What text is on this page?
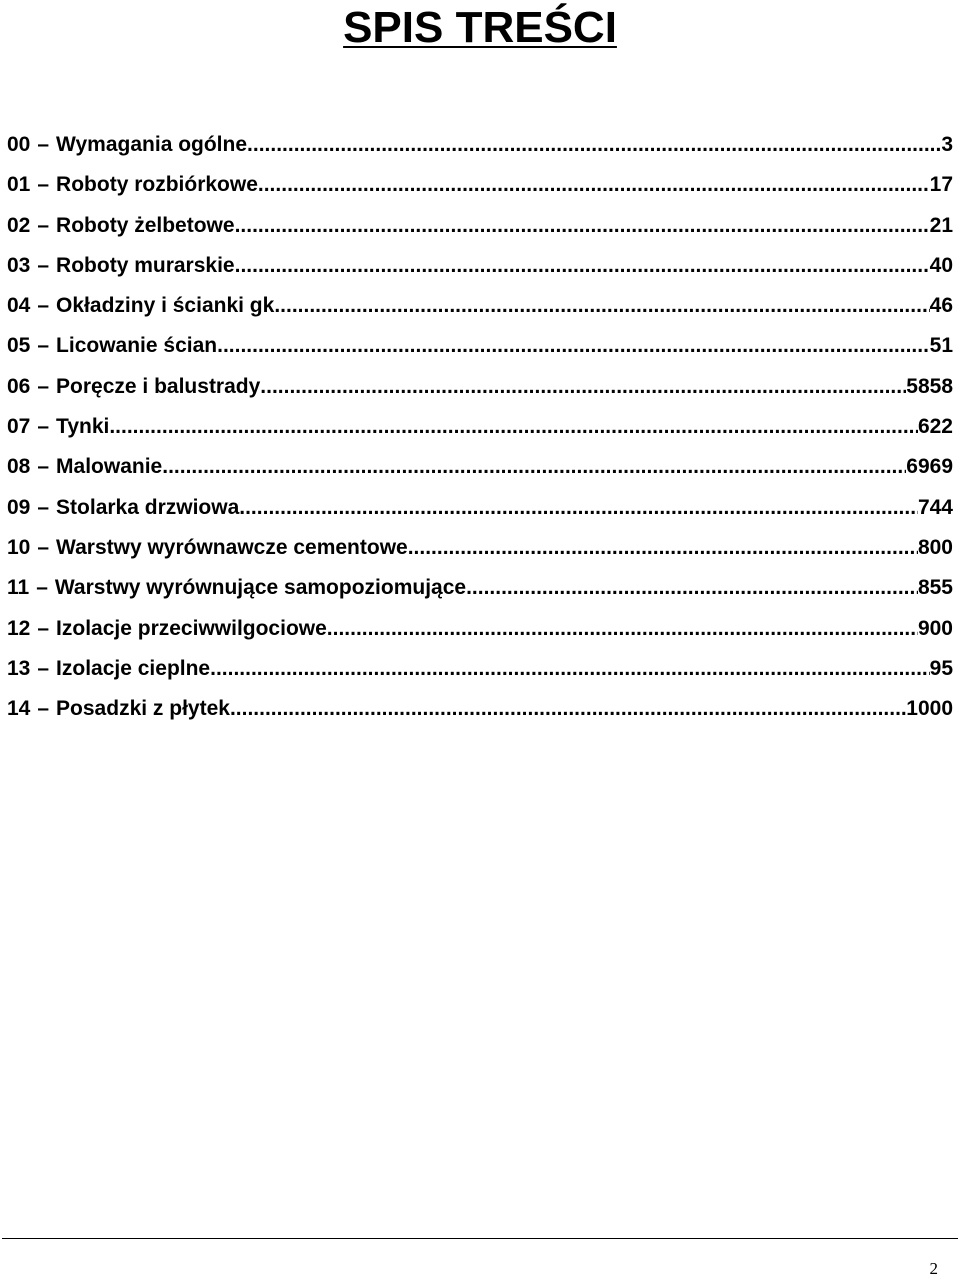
SPIS TREŚCI
00 – Wymagania ogólne .....	3
01 – Roboty rozbiórkowe .....	17
02 – Roboty żelbetowe .....	21
03 – Roboty murarskie .....	40
04 – Okładziny i ścianki gk .....	46
05 – Licowanie ścian .....	51
06 – Poręcze i balustrady .....	5858
07 – Tynki .....	622
08 – Malowanie .....	6969
09 – Stolarka drzwiowa .....	744
10 – Warstwy wyrównawcze cementowe .....	800
11 – Warstwy wyrównujące samopoziomujące .....	855
12 – Izolacje przeciwwilgociowe .....	900
13 – Izolacje cieplne .....	95
14 – Posadzki z płytek .....	1000
2
